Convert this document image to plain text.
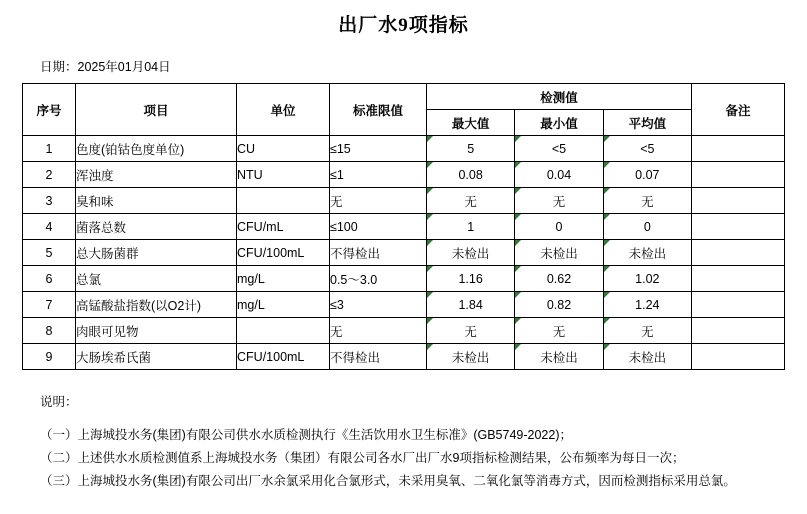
出厂水9项指标
日期：2025年01月04日
序号	项目	单位	标准限值	检测值			备注
				最大值	最小值	平均值	
1	色度(铂钴色度单位)	CU	≤15	5	<5	<5	
2	浑浊度	NTU	≤1	0.08	0.04	0.07	
3	臭和味		无	无	无	无	
4	菌落总数	CFU/mL	≤100	1	0	0	
5	总大肠菌群	CFU/100mL	不得检出	未检出	未检出	未检出	
6	总氯	mg/L	0.5～3.0	1.16	0.62	1.02	
7	高锰酸盐指数(以O2计)	mg/L	≤3	1.84	0.82	1.24	
8	肉眼可见物		无	无	无	无	
9	大肠埃希氏菌	CFU/100mL	不得检出	未检出	未检出	未检出	
说明：

（一）上海城投水务(集团)有限公司供水水质检测执行《生活饮用水卫生标准》(GB5749-2022)；

（二）上述供水水质检测值系上海城投水务（集团）有限公司各水厂出厂水9项指标检测结果，公布频率为每日一次；

（三）上海城投水务(集团)有限公司出厂水余氯采用化合氯形式，未采用臭氧、二氧化氯等消毒方式，因而检测指标采用总氯。
